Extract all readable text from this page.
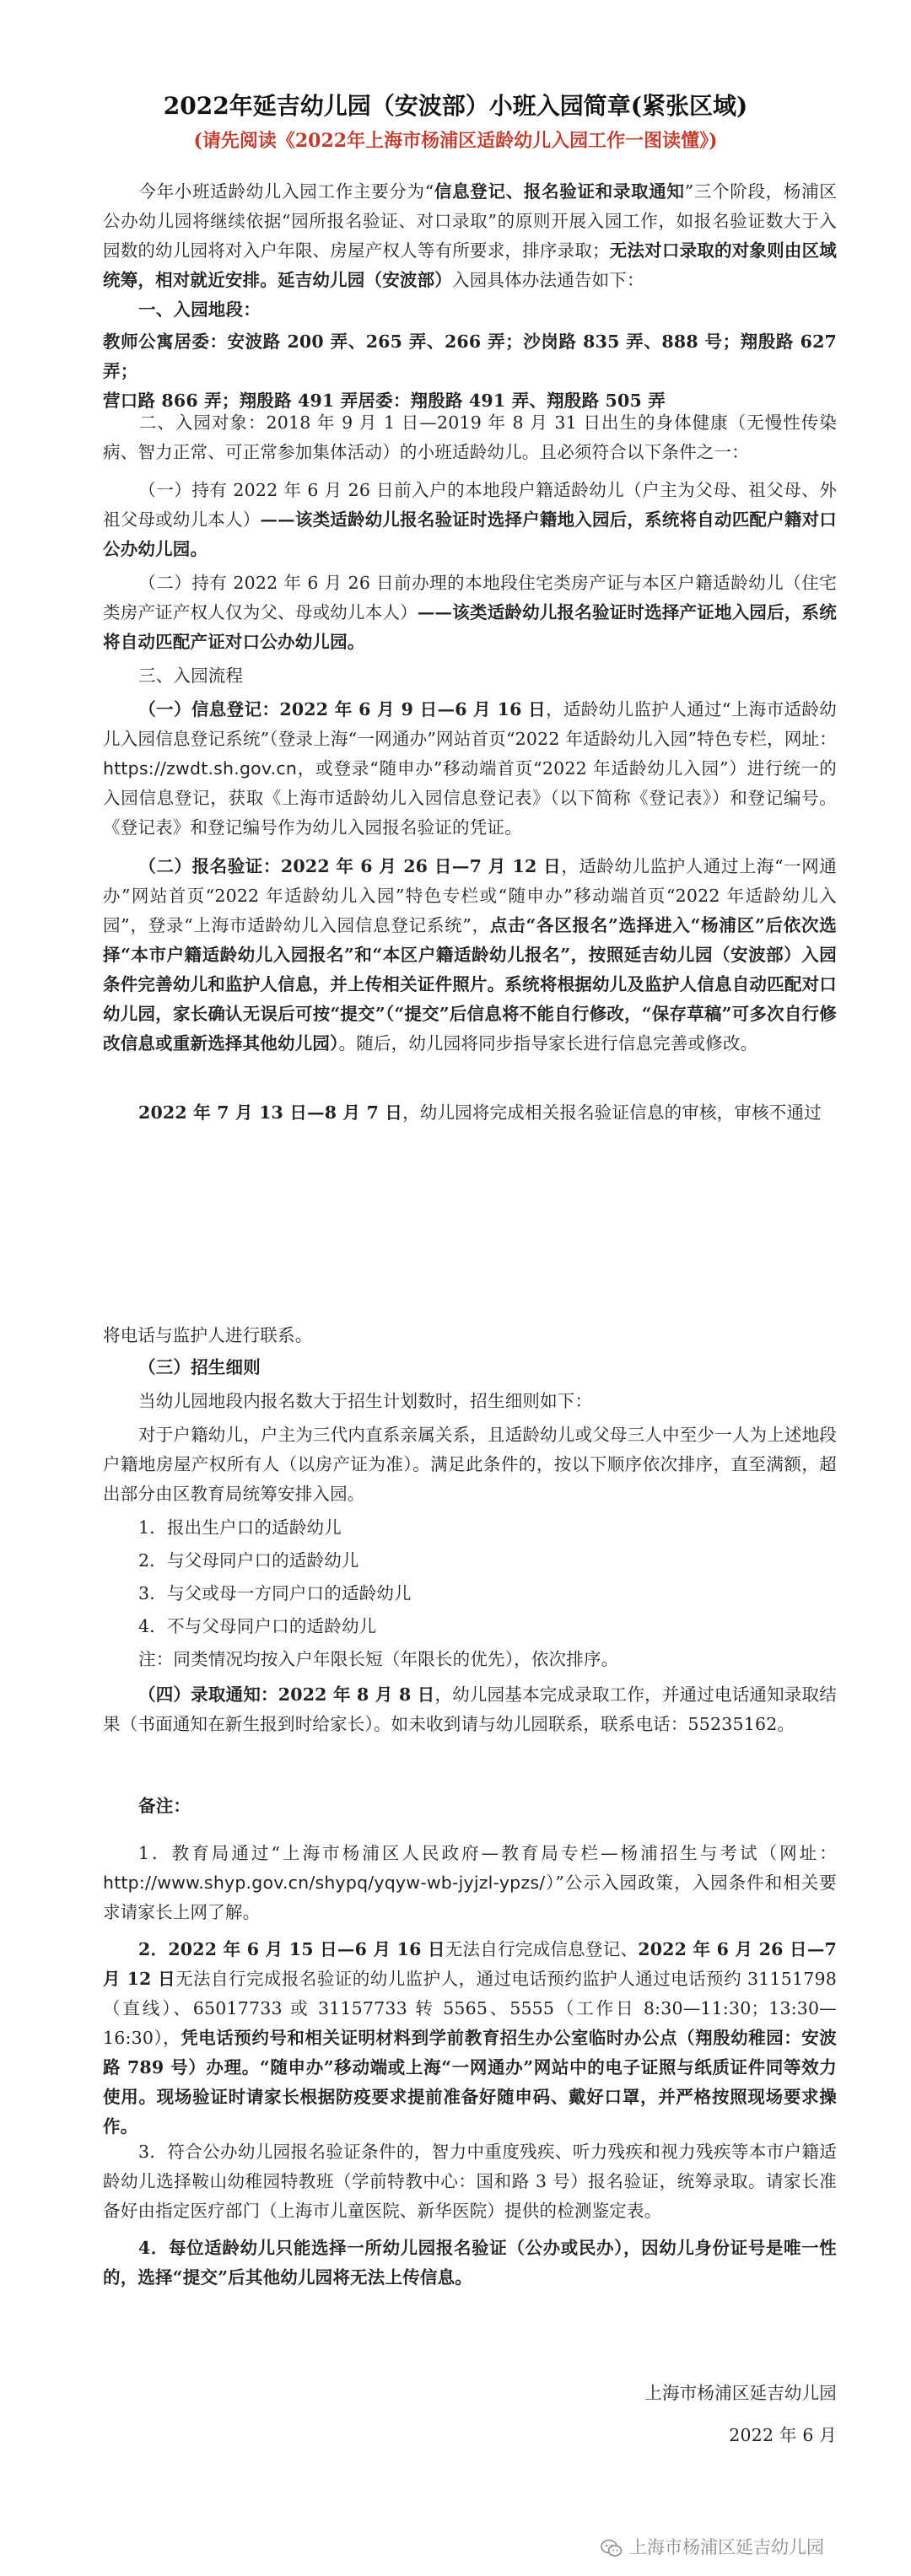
2022年延吉幼儿园（安波部）小班入园简章(紧张区域)
(请先阅读《2022年上海市杨浦区适龄幼儿入园工作一图读懂》)
今年小班适龄幼儿入园工作主要分为“信息登记、报名验证和录取通知”三个阶段，杨浦区公办幼儿园将继续依据“园所报名验证、对口录取”的原则开展入园工作，如报名验证数大于入园数的幼儿园将对入户年限、房屋产权人等有所要求，排序录取；无法对口录取的对象则由区域统筹，相对就近安排。延吉幼儿园（安波部）入园具体办法通告如下：
一、入园地段：
教师公寓居委：安波路 200 弄、265 弄、266 弄；沙岗路 835 弄、888 号；翔殷路 627 弄；
营口路 866 弄；翔殷路 491 弄居委：翔殷路 491 弄、翔殷路 505 弄
二、入园对象：2018 年 9 月 1 日—2019 年 8 月 31 日出生的身体健康（无慢性传染病、智力正常、可正常参加集体活动）的小班适龄幼儿。且必须符合以下条件之一：
（一）持有 2022 年 6 月 26 日前入户的本地段户籍适龄幼儿（户主为父母、祖父母、外祖父母或幼儿本人）——该类适龄幼儿报名验证时选择户籍地入园后，系统将自动匹配户籍对口公办幼儿园。
（二）持有 2022 年 6 月 26 日前办理的本地段住宅类房产证与本区户籍适龄幼儿（住宅类房产证产权人仅为父、母或幼儿本人）——该类适龄幼儿报名验证时选择产证地入园后，系统将自动匹配产证对口公办幼儿园。
三、入园流程
（一）信息登记：2022 年 6 月 9 日—6 月 16 日，适龄幼儿监护人通过“上海市适龄幼儿入园信息登记系统”（登录上海“一网通办”网站首页“2022 年适龄幼儿入园”特色专栏，网址：https://zwdt.sh.gov.cn，或登录“随申办”移动端首页“2022 年适龄幼儿入园”）进行统一的入园信息登记，获取《上海市适龄幼儿入园信息登记表》（以下简称《登记表》）和登记编号。《登记表》和登记编号作为幼儿入园报名验证的凭证。
（二）报名验证：2022 年 6 月 26 日—7 月 12 日，适龄幼儿监护人通过上海“一网通办”网站首页“2022 年适龄幼儿入园”特色专栏或“随申办”移动端首页“2022 年适龄幼儿入园”，登录“上海市适龄幼儿入园信息登记系统”，点击“各区报名”选择进入“杨浦区”后依次选择“本市户籍适龄幼儿入园报名”和“本区户籍适龄幼儿报名”，按照延吉幼儿园（安波部）入园条件完善幼儿和监护人信息，并上传相关证件照片。系统将根据幼儿及监护人信息自动匹配对口幼儿园，家长确认无误后可按“提交”（“提交”后信息将不能自行修改，“保存草稿”可多次自行修改信息或重新选择其他幼儿园）。随后，幼儿园将同步指导家长进行信息完善或修改。
2022 年 7 月 13 日—8 月 7 日，幼儿园将完成相关报名验证信息的审核，审核不通过
将电话与监护人进行联系。
（三）招生细则
当幼儿园地段内报名数大于招生计划数时，招生细则如下：
对于户籍幼儿，户主为三代内直系亲属关系，且适龄幼儿或父母三人中至少一人为上述地段户籍地房屋产权所有人（以房产证为准）。满足此条件的，按以下顺序依次排序，直至满额，超出部分由区教育局统筹安排入园。
1．报出生户口的适龄幼儿
2．与父母同户口的适龄幼儿
3．与父或母一方同户口的适龄幼儿
4．不与父母同户口的适龄幼儿
注：同类情况均按入户年限长短（年限长的优先），依次排序。
（四）录取通知：2022 年 8 月 8 日，幼儿园基本完成录取工作，并通过电话通知录取结果（书面通知在新生报到时给家长）。如未收到请与幼儿园联系，联系电话：55235162。
备注：
1．教育局通过“上海市杨浦区人民政府—教育局专栏—杨浦招生与考试（网址：http://www.shyp.gov.cn/shypq/yqyw-wb-jyjzl-ypzs/）”公示入园政策，入园条件和相关要求请家长上网了解。
2．2022 年 6 月 15 日—6 月 16 日无法自行完成信息登记、2022 年 6 月 26 日—7 月 12 日无法自行完成报名验证的幼儿监护人，通过电话预约监护人通过电话预约 31151798（直线）、65017733 或 31157733 转 5565、5555（工作日 8:30—11:30；13:30—16:30），凭电话预约号和相关证明材料到学前教育招生办公室临时办公点（翔殷幼稚园：安波路 789 号）办理。“随申办”移动端或上海“一网通办”网站中的电子证照与纸质证件同等效力使用。现场验证时请家长根据防疫要求提前准备好随申码、戴好口罩，并严格按照现场要求操作。
3．符合公办幼儿园报名验证条件的，智力中重度残疾、听力残疾和视力残疾等本市户籍适龄幼儿选择鞍山幼稚园特教班（学前特教中心：国和路 3 号）报名验证，统筹录取。请家长准备好由指定医疗部门（上海市儿童医院、新华医院）提供的检测鉴定表。
4．每位适龄幼儿只能选择一所幼儿园报名验证（公办或民办），因幼儿身份证号是唯一性的，选择“提交”后其他幼儿园将无法上传信息。
上海市杨浦区延吉幼儿园
2022 年 6 月
上海市杨浦区延吉幼儿园
